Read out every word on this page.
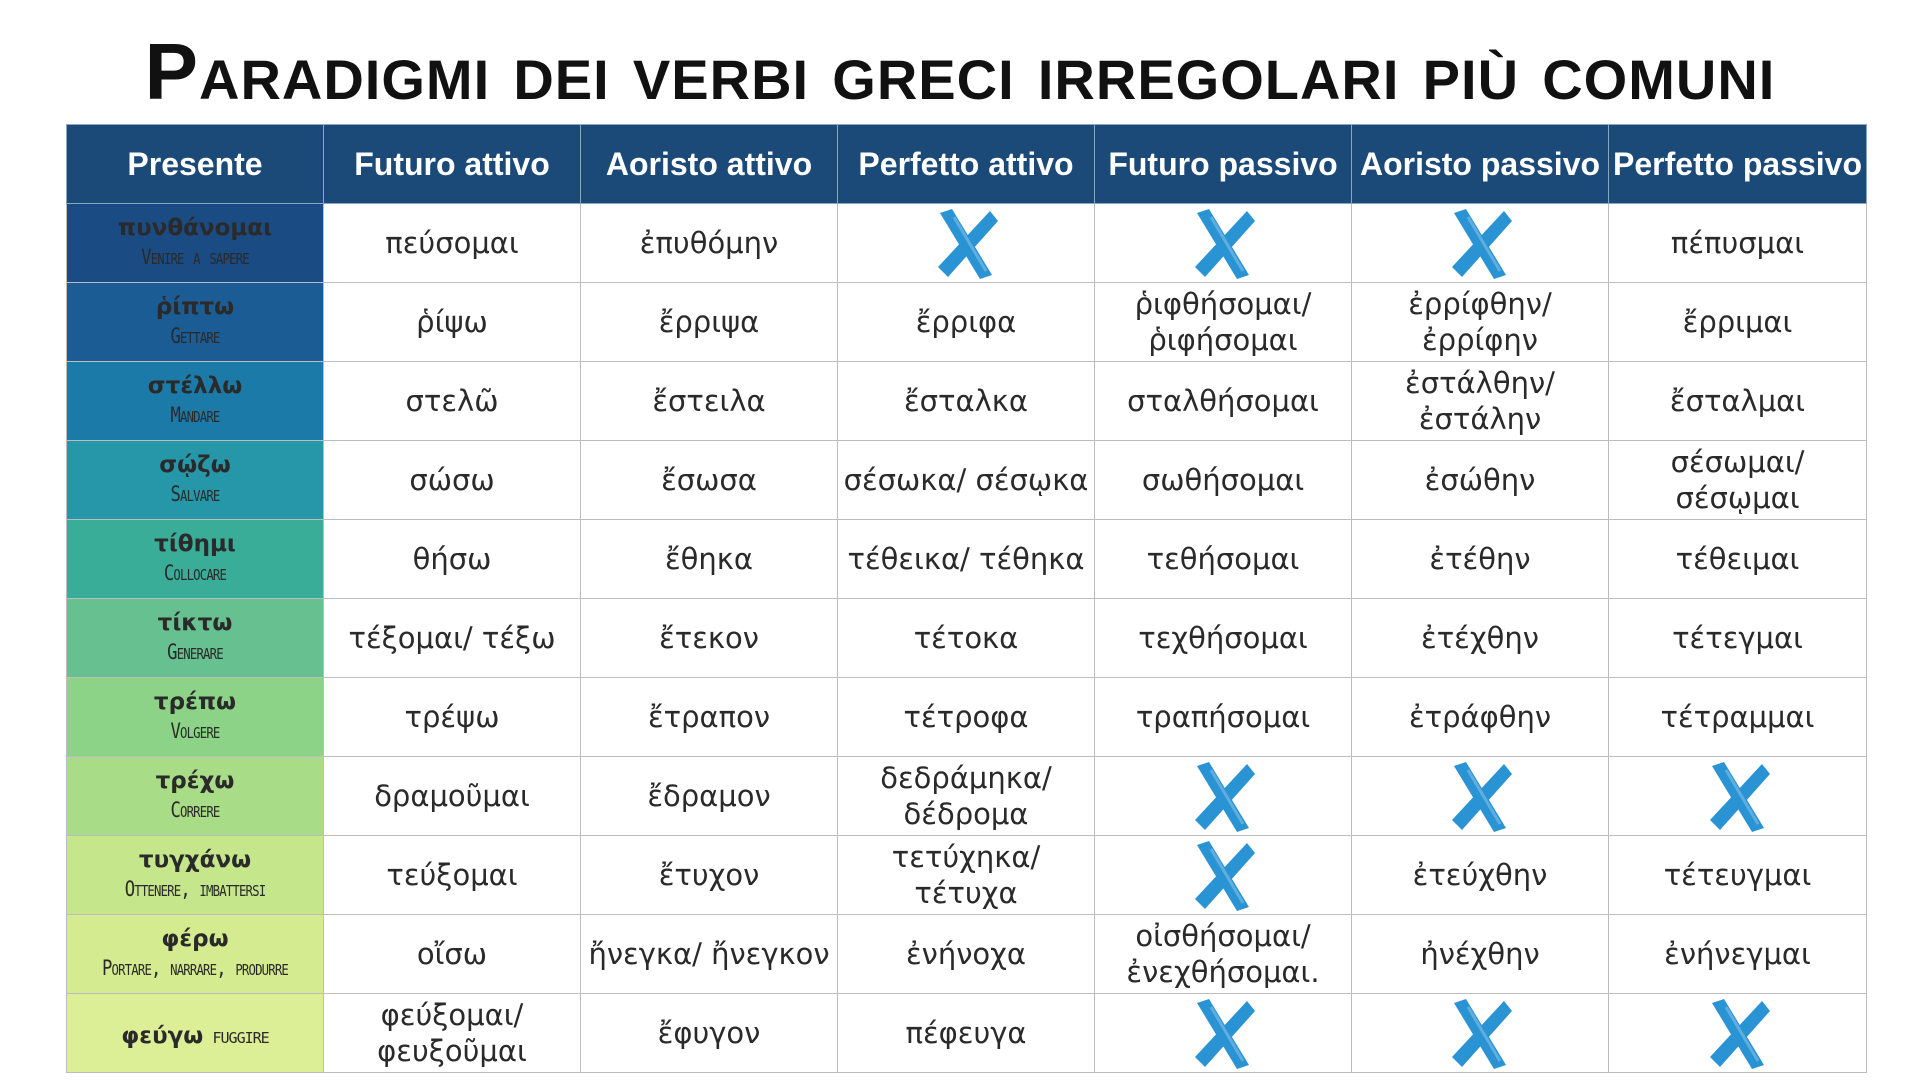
Paradigmi dei verbi greci irregolari più comuni
Presente	Futuro attivo	Aoristo attivo	Perfetto attivo	Futuro passivo	Aoristo passivo	Perfetto passivo

πυνθάνομαι
Venire a sapere	πεύσομαι	ἐπυθόμην				πέπυσμαι

ῥίπτω
Gettare	ῥίψω	ἔρριψα	ἔρριφα	ῥιφθήσομαι/ ῥιφήσομαι	ἐρρίφθην/ ἐρρίφην	ἔρριμαι

στέλλω
Mandare	στελῶ	ἔστειλα	ἔσταλκα	σταλθήσομαι	ἐστάλθην/ ἐστάλην	ἔσταλμαι

σῴζω
Salvare	σώσω	ἔσωσα	σέσωκα/ σέσῳκα	σωθήσομαι	ἐσώθην	σέσωμαι/ σέσῳμαι

τίθημι
Collocare	θήσω	ἔθηκα	τέθεικα/ τέθηκα	τεθήσομαι	ἐτέθην	τέθειμαι

τίκτω
Generare	τέξομαι/ τέξω	ἔτεκον	τέτοκα	τεχθήσομαι	ἐτέχθην	τέτεγμαι

τρέπω
Volgere	τρέψω	ἔτραπον	τέτροφα	τραπήσομαι	ἐτράφθην	τέτραμμαι

τρέχω
Correre	δραμοῦμαι	ἔδραμον	δεδράμηκα/ δέδρομα			

τυγχάνω
Ottenere, imbattersi	τεύξομαι	ἔτυχον	τετύχηκα/ τέτυχα		ἐτεύχθην	τέτευγμαι

φέρω
Portare, narrare, produrre	οἴσω	ἤνεγκα/ ἤνεγκον	ἐνήνοχα	οἰσθήσομαι/ ἐνεχθήσομαι.	ἠνέχθην	ἐνήνεγμαι
φεύγω fuggire	φεύξομαι/ φευξοῦμαι	ἔφυγον	πέφευγα			
